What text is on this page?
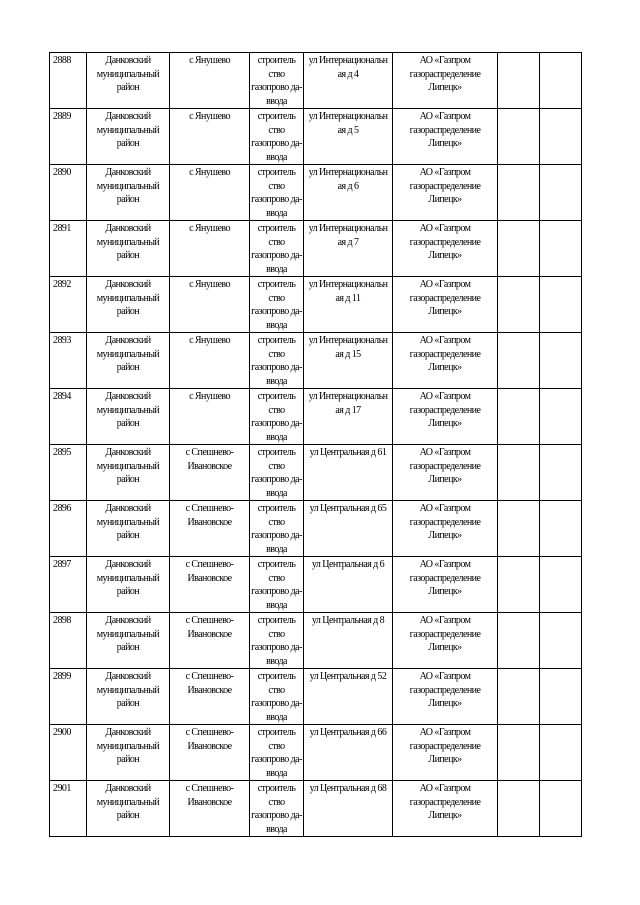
2888	Данковский муниципальный район	с Янушево	строитель ство газопрово да-ввода	ул Интернациональн ая д 4	АО «Газпром газораспределение Липецк»		
2889	Данковский муниципальный район	с Янушево	строитель ство газопрово да-ввода	ул Интернациональн ая д 5	АО «Газпром газораспределение Липецк»		
2890	Данковский муниципальный район	с Янушево	строитель ство газопрово да-ввода	ул Интернациональн ая д 6	АО «Газпром газораспределение Липецк»		
2891	Данковский муниципальный район	с Янушево	строитель ство газопрово да-ввода	ул Интернациональн ая д 7	АО «Газпром газораспределение Липецк»		
2892	Данковский муниципальный район	с Янушево	строитель ство газопрово да-ввода	ул Интернациональн ая д 11	АО «Газпром газораспределение Липецк»		
2893	Данковский муниципальный район	с Янушево	строитель ство газопрово да-ввода	ул Интернациональн ая д 15	АО «Газпром газораспределение Липецк»		
2894	Данковский муниципальный район	с Янушево	строитель ство газопрово да-ввода	ул Интернациональн ая д 17	АО «Газпром газораспределение Липецк»		
2895	Данковский муниципальный район	с Спешнево-Ивановское	строитель ство газопрово да-ввода	ул Центральная д 61	АО «Газпром газораспределение Липецк»		
2896	Данковский муниципальный район	с Спешнево-Ивановское	строитель ство газопрово да-ввода	ул Центральная д 65	АО «Газпром газораспределение Липецк»		
2897	Данковский муниципальный район	с Спешнево-Ивановское	строитель ство газопрово да-ввода	ул Центральная д 6	АО «Газпром газораспределение Липецк»		
2898	Данковский муниципальный район	с Спешнево-Ивановское	строитель ство газопрово да-ввода	ул Центральная д 8	АО «Газпром газораспределение Липецк»		
2899	Данковский муниципальный район	с Спешнево-Ивановское	строитель ство газопрово да-ввода	ул Центральная д 52	АО «Газпром газораспределение Липецк»		
2900	Данковский муниципальный район	с Спешнево-Ивановское	строитель ство газопрово да-ввода	ул Центральная д 66	АО «Газпром газораспределение Липецк»		
2901	Данковский муниципальный район	с Спешнево-Ивановское	строитель ство газопрово да-ввода	ул Центральная д 68	АО «Газпром газораспределение Липецк»		
